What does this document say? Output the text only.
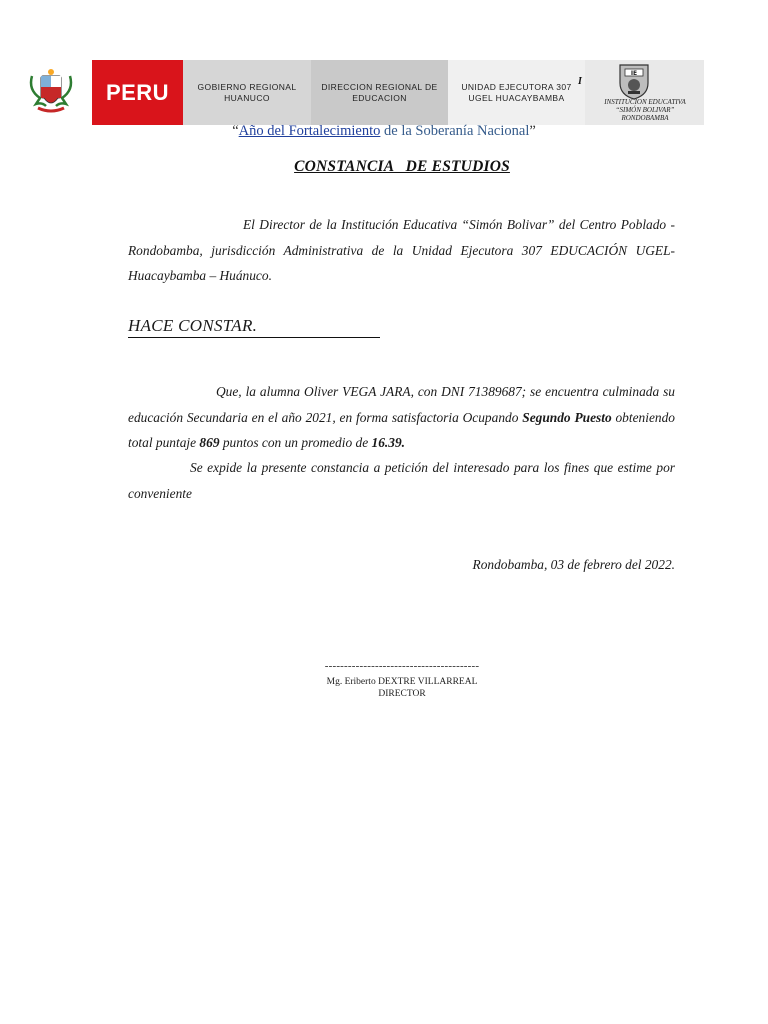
PERU	GOBIERNO REGIONAL
HUANUCO
DIRECCION REGIONAL DE
EDUCACION
UNIDAD EJECUTORA 307
UGEL HUACAYBAMBA
I
IE
INSTITUCION EDUCATIVA
“SIMÓN BOLIVAR”
RONDOBAMBA
“Año del Fortalecimiento de la Soberanía Nacional”
CONSTANCIA   DE ESTUDIOS
El Director de la Institución Educativa “Simón Bolivar” del Centro Poblado -Rondobamba, jurisdicción Administrativa de la Unidad Ejecutora 307 EDUCACIÓN UGEL- Huacaybamba – Huánuco.
HACE CONSTAR.
Que, la alumna Oliver VEGA JARA, con DNI 71389687; se encuentra culminada su educación Secundaria en el año 2021, en forma satisfactoria Ocupando Segundo Puesto obteniendo total puntaje 869 puntos con un promedio de 16.39.
Se expide la presente constancia a petición del interesado para los fines que estime por conveniente
Rondobamba, 03 de febrero del 2022.
----------------------------------------
Mg. Eriberto DEXTRE VILLARREAL
DIRECTOR
